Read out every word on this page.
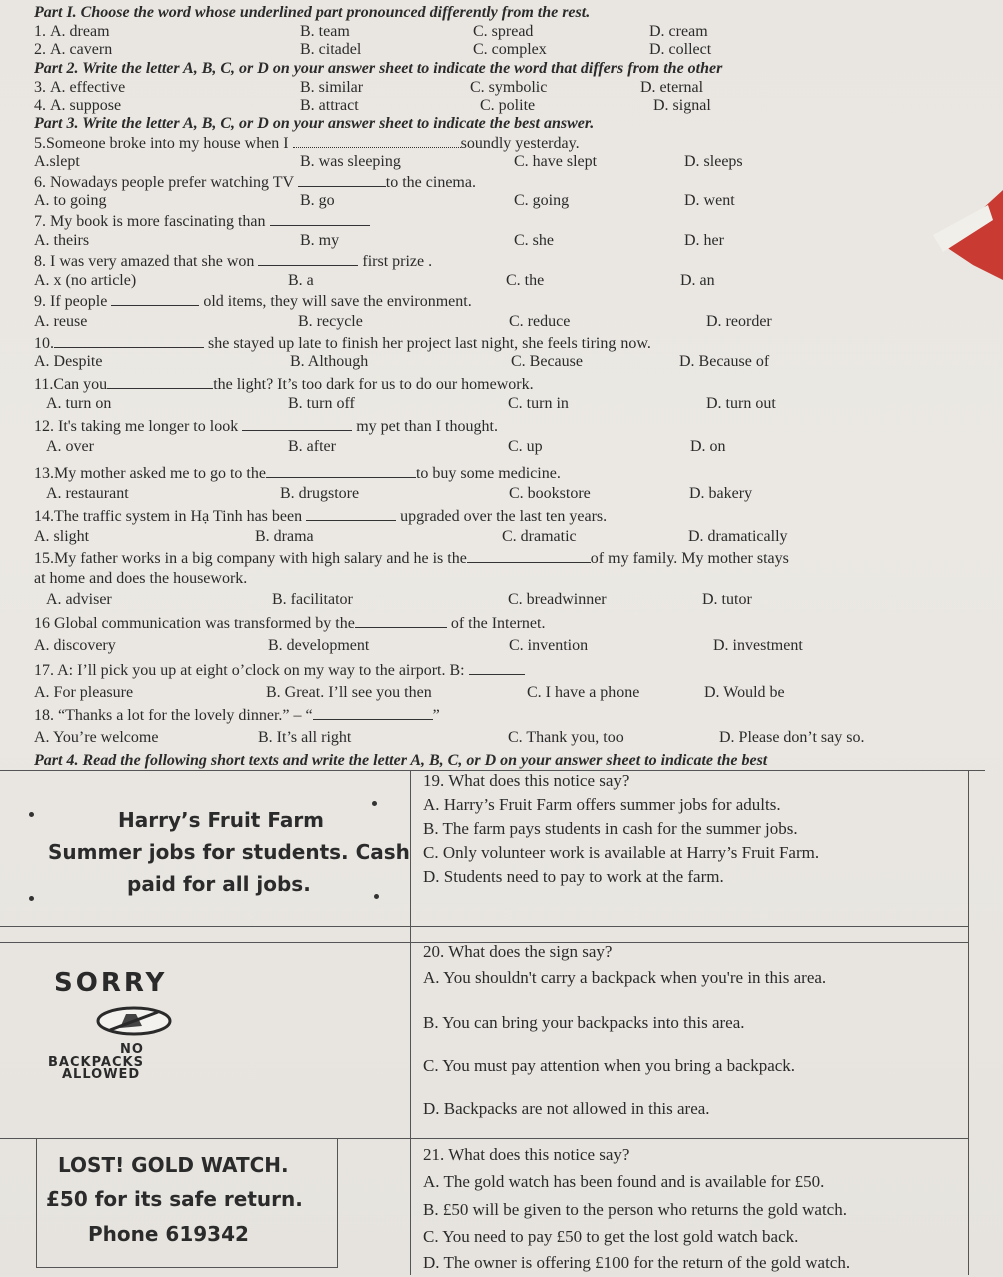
Part I. Choose the word whose underlined part pronounced differently from the rest.
1. A. dream	B. team	C. spread	D. cream
2. A. cavern	B. citadel	C. complex	D. collect
Part 2. Write the letter A, B, C, or D on your answer sheet to indicate the word that differs from the other
3. A. effective	B. similar	C. symbolic	D. eternal
4. A. suppose	B. attract	C. polite	D. signal
Part 3. Write the letter A, B, C, or D on your answer sheet to indicate the best answer.
5.Someone broke into my house when I	soundly yesterday.
A.slept	B. was sleeping	C. have slept	D. sleeps
6. Nowadays people prefer watching TV	to the cinema.
A. to going	B. go	C. going	D. went
7. My book is more fascinating than
A. theirs	B. my	C. she	D. her
8. I was very amazed that she won	first prize .
A. x (no article)	B. a	C. the	D. an
9. If people	old items, they will save the environment.
A. reuse	B. recycle	C. reduce	D. reorder
10.	she stayed up late to finish her project last night, she feels tiring now.
A. Despite	B. Although	C. Because	D. Because of
11.Can you	the light? It’s too dark for us to do our homework.
A. turn on	B. turn off	C. turn in	D. turn out
12. It's taking me longer to look	my pet than I thought.
A. over	B. after	C. up	D. on
13.My mother asked me to go to the	to buy some medicine.
A. restaurant	B. drugstore	C. bookstore	D. bakery
14.The traffic system in Hạ Tinh has been	upgraded over the last ten years.
A. slight	B. drama	C. dramatic	D. dramatically
15.My father works in a big company with high salary and he is the	of my family. My mother stays
at home and does the housework.
A. adviser	B. facilitator	C. breadwinner	D. tutor
16 Global communication was transformed by the	of the Internet.
A. discovery	B. development	C. invention	D. investment
17. A: I’ll pick you up at eight o’clock on my way to the airport. B:
A. For pleasure	B. Great. I’ll see you then	C. I have a phone	D. Would be
18. “Thanks a lot for the lovely dinner.” – “	”
A. You’re welcome	B. It’s all right	C. Thank you, too	D. Please don’t say so.
Part 4. Read the following short texts and write the letter A, B, C, or D on your answer sheet to indicate the best
Harry’s Fruit Farm
Summer jobs for students. Cash
paid for all jobs.
19. What does this notice say?
A. Harry’s Fruit Farm offers summer jobs for adults.
B. The farm pays students in cash for the summer jobs.
C. Only volunteer work is available at Harry’s Fruit Farm.
D. Students need to pay to work at the farm.
SORRY
NO
BACKPACKS
ALLOWED
20. What does the sign say?
A. You shouldn't carry a backpack when you're in this area.
B. You can bring your backpacks into this area.
C. You must pay attention when you bring a backpack.
D. Backpacks are not allowed in this area.
LOST! GOLD WATCH.
£50 for its safe return.
Phone 619342
21. What does this notice say?
A. The gold watch has been found and is available for £50.
B. £50 will be given to the person who returns the gold watch.
C. You need to pay £50 to get the lost gold watch back.
D. The owner is offering £100 for the return of the gold watch.
